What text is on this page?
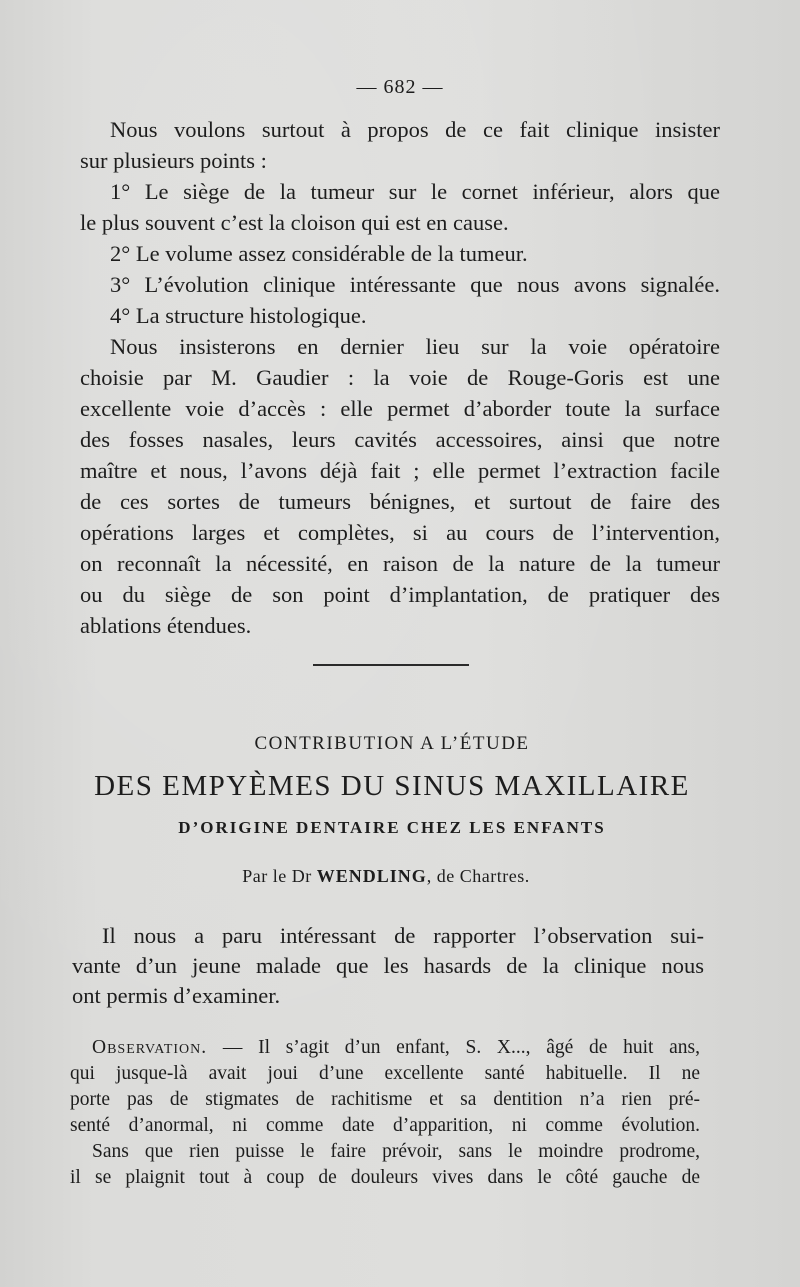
— 682 —
Nous voulons surtout à propos de ce fait clinique insister
sur plusieurs points :
1° Le siège de la tumeur sur le cornet inférieur, alors que
le plus souvent c’est la cloison qui est en cause.
2° Le volume assez considérable de la tumeur.
3° L’évolution clinique intéressante que nous avons signalée.
4° La structure histologique.
Nous insisterons en dernier lieu sur la voie opératoire
choisie par M. Gaudier : la voie de Rouge-Goris est une
excellente voie d’accès : elle permet d’aborder toute la surface
des fosses nasales, leurs cavités accessoires, ainsi que notre
maître et nous, l’avons déjà fait ; elle permet l’extraction facile
de ces sortes de tumeurs bénignes, et surtout de faire des
opérations larges et complètes, si au cours de l’intervention,
on reconnaît la nécessité, en raison de la nature de la tumeur
ou du siège de son point d’implantation, de pratiquer des
ablations étendues.
CONTRIBUTION A L’ÉTUDE
DES EMPYÈMES DU SINUS MAXILLAIRE
D’ORIGINE DENTAIRE CHEZ LES ENFANTS
Par le Dr WENDLING, de Chartres.
Il nous a paru intéressant de rapporter l’observation sui-
vante d’un jeune malade que les hasards de la clinique nous
ont permis d’examiner.
Observation. — Il s’agit d’un enfant, S. X..., âgé de huit ans,
qui jusque-là avait joui d’une excellente santé habituelle. Il ne
porte pas de stigmates de rachitisme et sa dentition n’a rien pré-
senté d’anormal, ni comme date d’apparition, ni comme évolution.
Sans que rien puisse le faire prévoir, sans le moindre prodrome,
il se plaignit tout à coup de douleurs vives dans le côté gauche de
